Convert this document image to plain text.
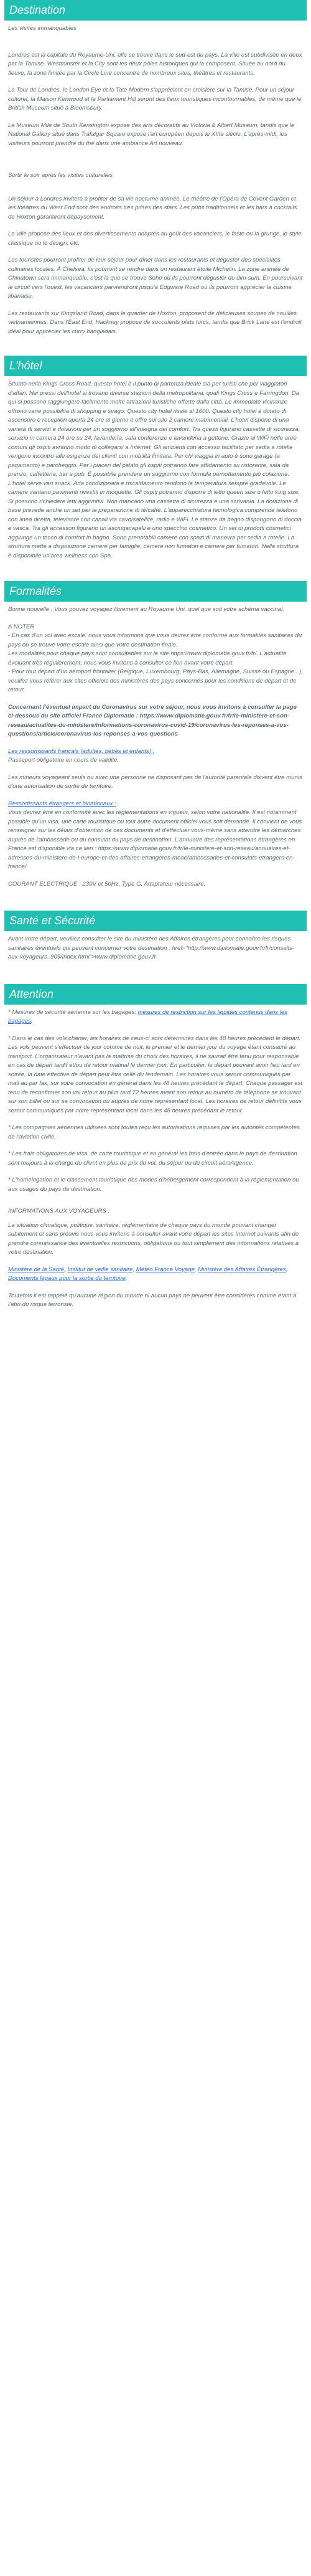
Destination

Les visites immanquables

Londres est la capitale du Royaume-Uni, elle se trouve dans le sud-est du pays. La ville est subdivisée en deux par la Tamise. Westminster et la City sont les deux pôles historiques qui la composent. Située au nord du fleuve, la zone limitée par la Circle Line concentre de nombreux sites, théâtres et restaurants.

La Tour de Londres, le London Eye et la Tate Modern s'apprécient en croisière sur la Tamise. Pour un séjour culturel, la Maison Kenwood et le Parliament Hill seront des lieux touristiques incontournables, de même que le British Museum situé à Bloomsbury.

Le Museum Mile de South Kensington expose des arts décoratifs au Victoria & Albert Museum, tandis que le National Gallery situé dans Trafalgar Square expose l'art européen depuis le XIIIe siècle. L'après-midi, les visiteurs pourront prendre du thé dans une ambiance Art nouveau.

Sortir le soir après les visites culturelles

Un séjour à Londres invitera à profiter de sa vie nocturne animée. Le théâtre de l'Opéra de Covent Garden et les théâtres du West End sont des endroits très prisés des stars. Les pubs traditionnels et les bars à cocktails de Hoxton garantiront dépaysement.

La ville propose des lieux et des divertissements adaptés au goût des vacanciers, le faste ou la grunge, le style classique ou le design, etc.

Les touristes pourront profiter de leur séjour pour dîner dans les restaurants et déguster des spécialités culinaires locales. À Chelsea, ils pourront se rendre dans un restaurant étoilé Michelin. La zone animée de Chinatown sera immanquable, c'est là que se trouve Soho où ils pourront déguster du dim-sum. En poursuivant le circuit vers l'ouest, les vacanciers parviendront jusqu'à Edgware Road où ils pourront apprécier la cuisine libanaise.

Les restaurants sur Kingsland Road, dans le quartier de Hoxton, proposent de délicieuses soupes de nouilles vietnamiennes. Dans l'East End, Hackney propose de succulents plats turcs, tandis que Brick Lane est l'endroit idéal pour apprécier les curry bangladais.

L'hôtel

Situato nella Kings Cross Road, questo hotel è il punto di partenza ideale sia per turisti che per viaggiatori d'affari. Nei pressi dell'hotel si trovano diverse stazioni della metropolitana, quali Kings Cross e Farringdon. Da qui si possono raggiungere facilmente molte attrazioni turistiche offerte dalla città. Le immediate vicinanze offrono varie possibilità di shopping e svago. Questo city hotel risale al 1600. Questo city hotel è dotato di ascensore e reception aperta 24 ore al giorno e offre sul sito 2 camere matrimoniali. L'hotel dispone di una varietà di servizi e dotazioni per un soggiorno all'insegna del comfort. Tra questi figurano cassette di sicurezza, servizio in camera 24 ore su 24, lavanderia, sala conferenze e lavanderia a gettone. Grazie al WiFi nelle aree comuni gli ospiti avranno modo di collegarsi a Internet. Gli ambienti con accesso facilitato per sedia a rotelle vengono incontro alle esigenze dei clienti con mobilità limitata. Per chi viaggia in auto è sono garage (a pagamento) e parcheggio. Per i piaceri del palato gli ospiti potranno fare affidamento su ristorante, sala da pranzo, caffetteria, bar e pub. È possibile prendere un soggiorno con formula pernottamento più colazione. L'hotel serve vari snack. Aria condizionata e riscaldamento rendono la temperatura sempre gradevole. Le camere vantano pavimenti rivestiti in moquette. Gli ospiti potranno disporre di letto queen size o letto king size. Si possono richiedere letti aggiuntivi. Non mancano una cassetta di sicurezza e una scrivania. La dotazione di base prevede anche un set per la preparazione di tè/caffè. L'apparecchiatura tecnologica comprende telefono con linea diretta, televisore con canali via cavo/satellite, radio e WiFi. Le stanze da bagno dispongono di doccia e vasca. Tra gli accessori figurano un asciugacapelli e uno specchio cosmetico. Un set di prodotti cosmetici aggiunge un tocco di comfort in bagno. Sono prenotabili camere con spazi di manovra per sedia a rotelle. La struttura mette a disposizione camere per famiglie, camere non fumatori e camere per fumatori. Nella struttura è disponibile un'area wellness con Spa.

Formalités

Bonne nouvelle : Vous pouvez voyagez librement au Royaume Uni, quel que soit votre schéma vaccinal.

A NOTER
- En cas d'un vol avec escale, nous vous informons que vous devrez être conforme aux formalités sanitaires du pays où se trouve votre escale ainsi que votre destination finale.
Les modalités pour chaque pays sont consultables sur le site https://www.diplomatie.gouv.fr/fr/. L'actualité évoluant très régulièrement, nous vous invitons à consulter ce lien avant votre départ.
- Pour tout départ d'un aéroport frontalier (Belgique, Luxembourg, Pays-Bas, Allemagne, Suisse ou Espagne...), veuillez vous référer aux sites officiels des ministères des pays concernés pour les conditions de départ et de retour.

Concernant l'éventuel impact du Coronavirus sur votre séjour, nous vous invitons à consulter la page ci-dessous du site officiel France Diplomatie : https://www.diplomatie.gouv.fr/fr/le-ministere-et-son-reseau/actualites-du-ministere/informations-coronavirus-covid-19/coronavirus-les-reponses-a-vos-questions/article/coronavirus-les-reponses-a-vos-questions

Les ressortissants français (adultes, bébés et enfants) :

Passeport obligatoire en cours de validité.

Les mineurs voyageant seuls ou avec une personne ne disposant pas de l'autorité parentale doivent être munis d'une autorisation de sortie de territoire.

Ressortissants étrangers et binationaux :

Vous devrez être en conformité avec les réglementations en vigueur, selon votre nationalité. Il est notamment possible qu'un visa, une carte touristique ou tout autre document officiel vous soit demandé. Il convient de vous renseigner sur les délais d'obtention de ces documents et d'effectuer vous-même sans attendre les démarches auprès de l'ambassade ou du consulat du pays de destination. L'annuaire des représentations étrangères en France est disponible via ce lien : https://www.diplomatie.gouv.fr/fr/le-ministere-et-son-reseau/annuaires-et-adresses-du-ministere-de-l-europe-et-des-affaires-etrangeres-meae/ambassades-et-consulats-etrangers-en-france/

COURANT ELECTRIQUE : 230V et 50Hz, Type G. Adaptateur nécessaire.

Santé et Sécurité

Avant votre départ, veuillez consulter le site du ministère des Affaires étrangères pour connaître les risques sanitaires éventuels qui peuvent concerner votre destination : href="http://www.diplomatie.gouv.fr/fr/conseils-aux-voyageurs_909/index.html">www.diplomatie.gouv.fr

Attention

* Mesures de sécurité aérienne sur les bagages: mesures de restriction sur les liquides contenus dans les bagages.

* Dans le cas des vols charter, les horaires de ceux-ci sont déterminés dans les 48 heures précédent le départ. Les vols peuvent s'effectuer de jour comme de nuit, le premier et le dernier jour du voyage étant consacré au transport. L'organisateur n'ayant pas la maîtrise du choix des horaires, il ne saurait être tenu pour responsable en cas de départ tardif et/ou de retour matinal le dernier jour. En particulier, le départ pouvant avoir lieu tard en soirée, la date effective de départ peut être celle du lendemain. Les horaires vous seront communiqués par mail au par fax, sur votre convocation en général dans les 48 heures précédant le départ. Chaque passager est tenu de reconfirmer son vol retour au plus tard 72 heures avant son retour au numéro de téléphone se trouvant sur son billet ou sur sa convocation ou auprès de notre représentant local. Les horaires de retour définitifs vous seront communiqués par notre représentant local dans les 48 heures précédant le retour.

* Les compagnies aériennes utilisées sont toutes reçu les autorisations requises par les autorités compétentes de l'aviation civile.

* Les frais obligatoires de visa, de carte touristique et en général les frais d'entrée dans le pays de destination sont toujours à la charge du client en plus du prix du vol, du séjour ou du circuit aéro/agence.

* L'homologation et le classement touristique des modes d'hébergement correspondent à la réglementation ou aux usages du pays de destination.

INFORMATIONS AUX VOYAGEURS :

La situation climatique, politique, sanitaire, réglementaire de chaque pays du monde pouvant changer subitement et sans préavis nous vous invitons à consulter avant votre départ les sites Internet suivants afin de prendre connaissance des éventuelles restrictions, obligations ou tout simplement des informations relatives à votre destination.

Ministère de la Santé, Institut de veille sanitaire, Météo France Voyage, Ministère des Affaires Étrangères, Documents légaux pour la sortie du territoire.

Toutefois il est rappelé qu'aucune région du monde ni aucun pays ne peuvent être considérés comme étant à l'abri du risque terroriste.
